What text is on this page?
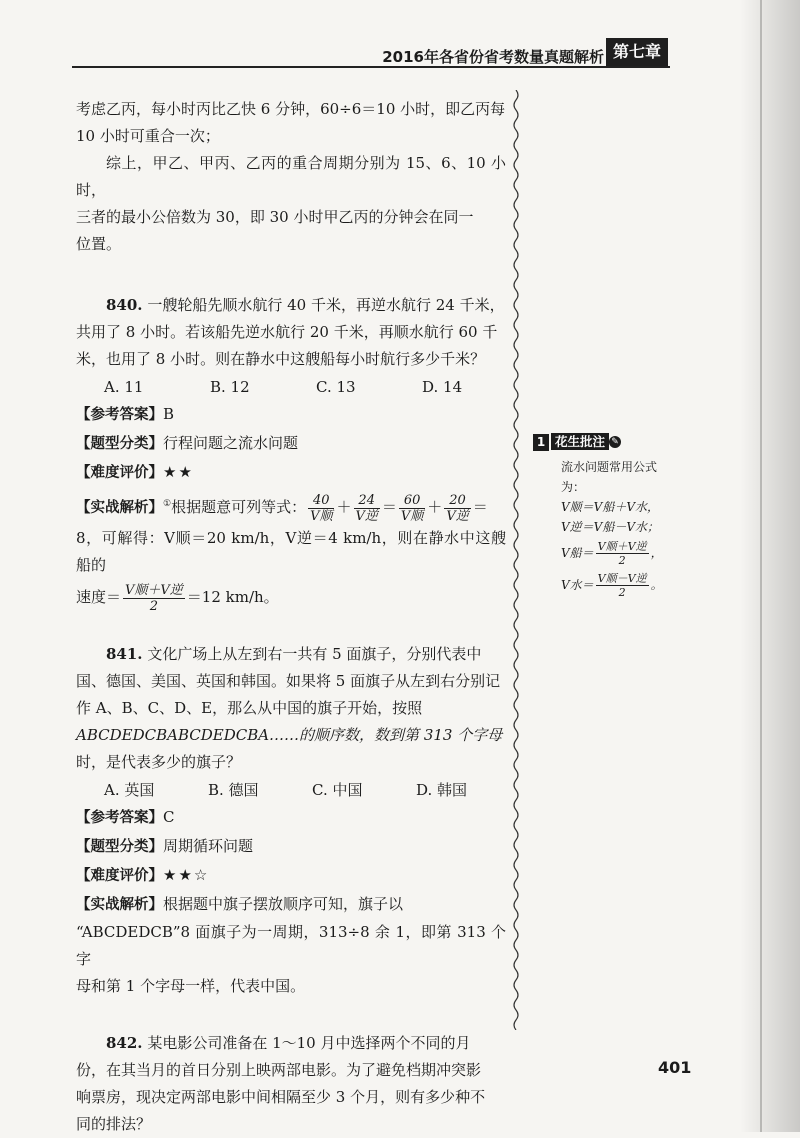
2016年各省份省考数量真题解析 第七章

考虑乙丙，每小时丙比乙快 6 分钟，60÷6＝10 小时，即乙丙每

10 小时可重合一次；

综上，甲乙、甲丙、乙丙的重合周期分别为 15、6、10 小时，

三者的最小公倍数为 30，即 30 小时甲乙丙的分钟会在同一

位置。

840. 一艘轮船先顺水航行 40 千米，再逆水航行 24 千米，

共用了 8 小时。若该船先逆水航行 20 千米，再顺水航行 60 千

米，也用了 8 小时。则在静水中这艘船每小时航行多少千米？

A. 11	B. 12	C. 13	D. 14
【参考答案】B
【题型分类】行程问题之流水问题
【难度评价】★★
【实战解析】①根据题意可列等式： $\frac{40}{\text{V顺}} + \frac{24}{\text{V逆}} = \frac{60}{\text{V顺}} + \frac{20}{\text{V逆}}$ ＝

8，可解得：V顺＝20 km/h，V逆＝4 km/h，则在静水中这艘船的

速度＝ $\frac{\text{V顺＋V逆}}{2} =12$ km/h。

841. 文化广场上从左到右一共有 5 面旗子，分别代表中

国、德国、美国、英国和韩国。如果将 5 面旗子从左到右分别记

作 A、B、C、D、E，那么从中国的旗子开始，按照

ABCDEDCBABCDEDCBA……的顺序数，数到第 313 个字母

时，是代表多少的旗子？

A. 英国	B. 德国	C. 中国	D. 韩国
【参考答案】C
【题型分类】周期循环问题
【难度评价】★★☆
【实战解析】根据题中旗子摆放顺序可知，旗子以

“ABCDEDCB”8 面旗子为一周期，313÷8 余 1，即第 313 个字

母和第 1 个字母一样，代表中国。

842. 某电影公司准备在 1～10 月中选择两个不同的月

份，在其当月的首日分别上映两部电影。为了避免档期冲突影

响票房，现决定两部电影中间相隔至少 3 个月，则有多少种不

同的排法？

1 花生批注 ✎
流水问题常用公式为：
V顺＝V船＋V水，
V逆＝V船－V水；
V船＝ $\frac{\text{V顺＋V逆}}{2}$ ，
V水＝ $\frac{\text{V顺－V逆}}{2}$ 。
401
